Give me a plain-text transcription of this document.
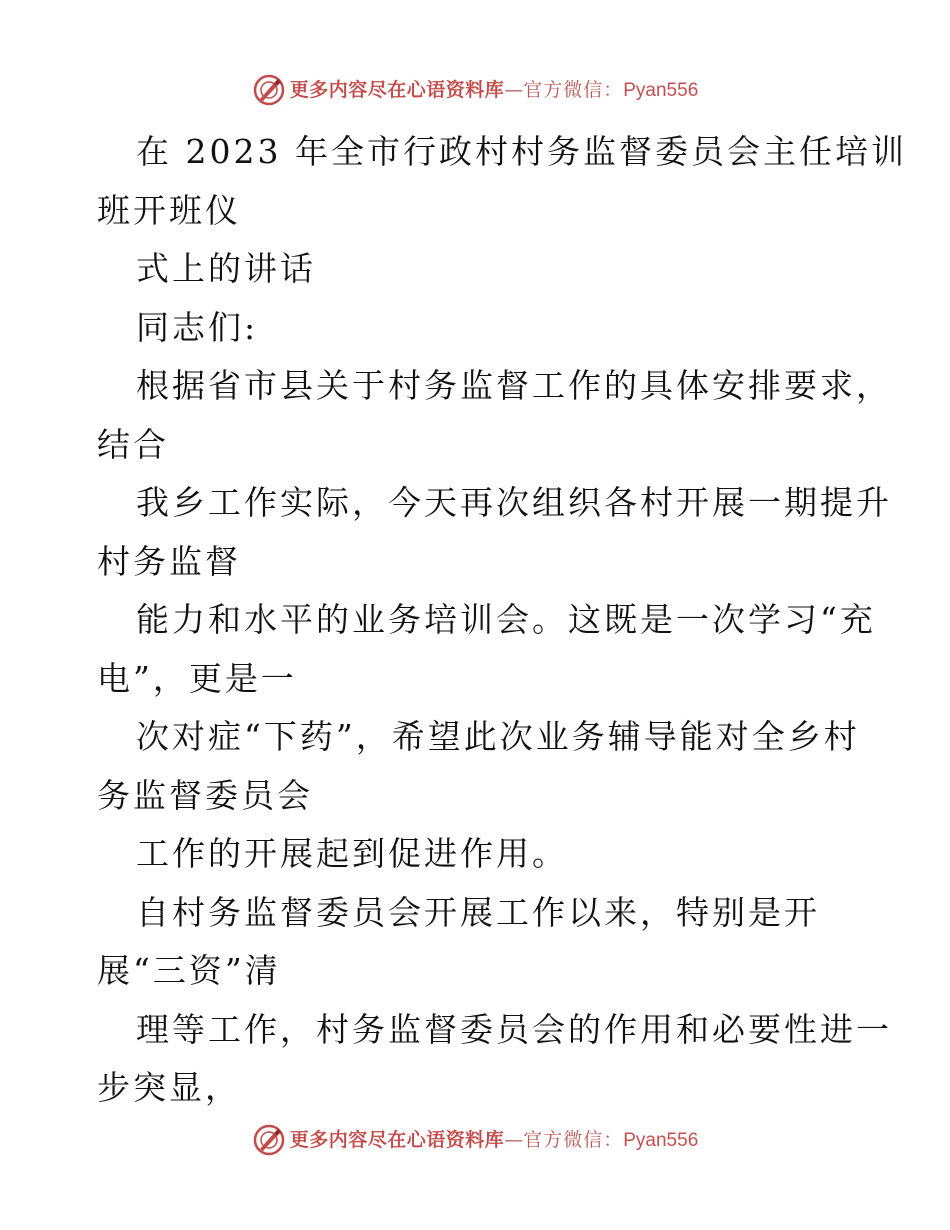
更多内容尽在心语资料库 — 官方微信： Pyan556
在 2023 年全市行政村村务监督委员会主任培训
班开班仪
式上的讲话
同志们:
根据省市县关于村务监督工作的具体安排要求，
结合
我乡工作实际，今天再次组织各村开展一期提升
村务监督
能力和水平的业务培训会。这既是一次学习“充
电”，更是一
次对症“下药”，希望此次业务辅导能对全乡村
务监督委员会
工作的开展起到促进作用。
自村务监督委员会开展工作以来，特别是开
展“三资”清
理等工作，村务监督委员会的作用和必要性进一
步突显，
更多内容尽在心语资料库 — 官方微信： Pyan556
